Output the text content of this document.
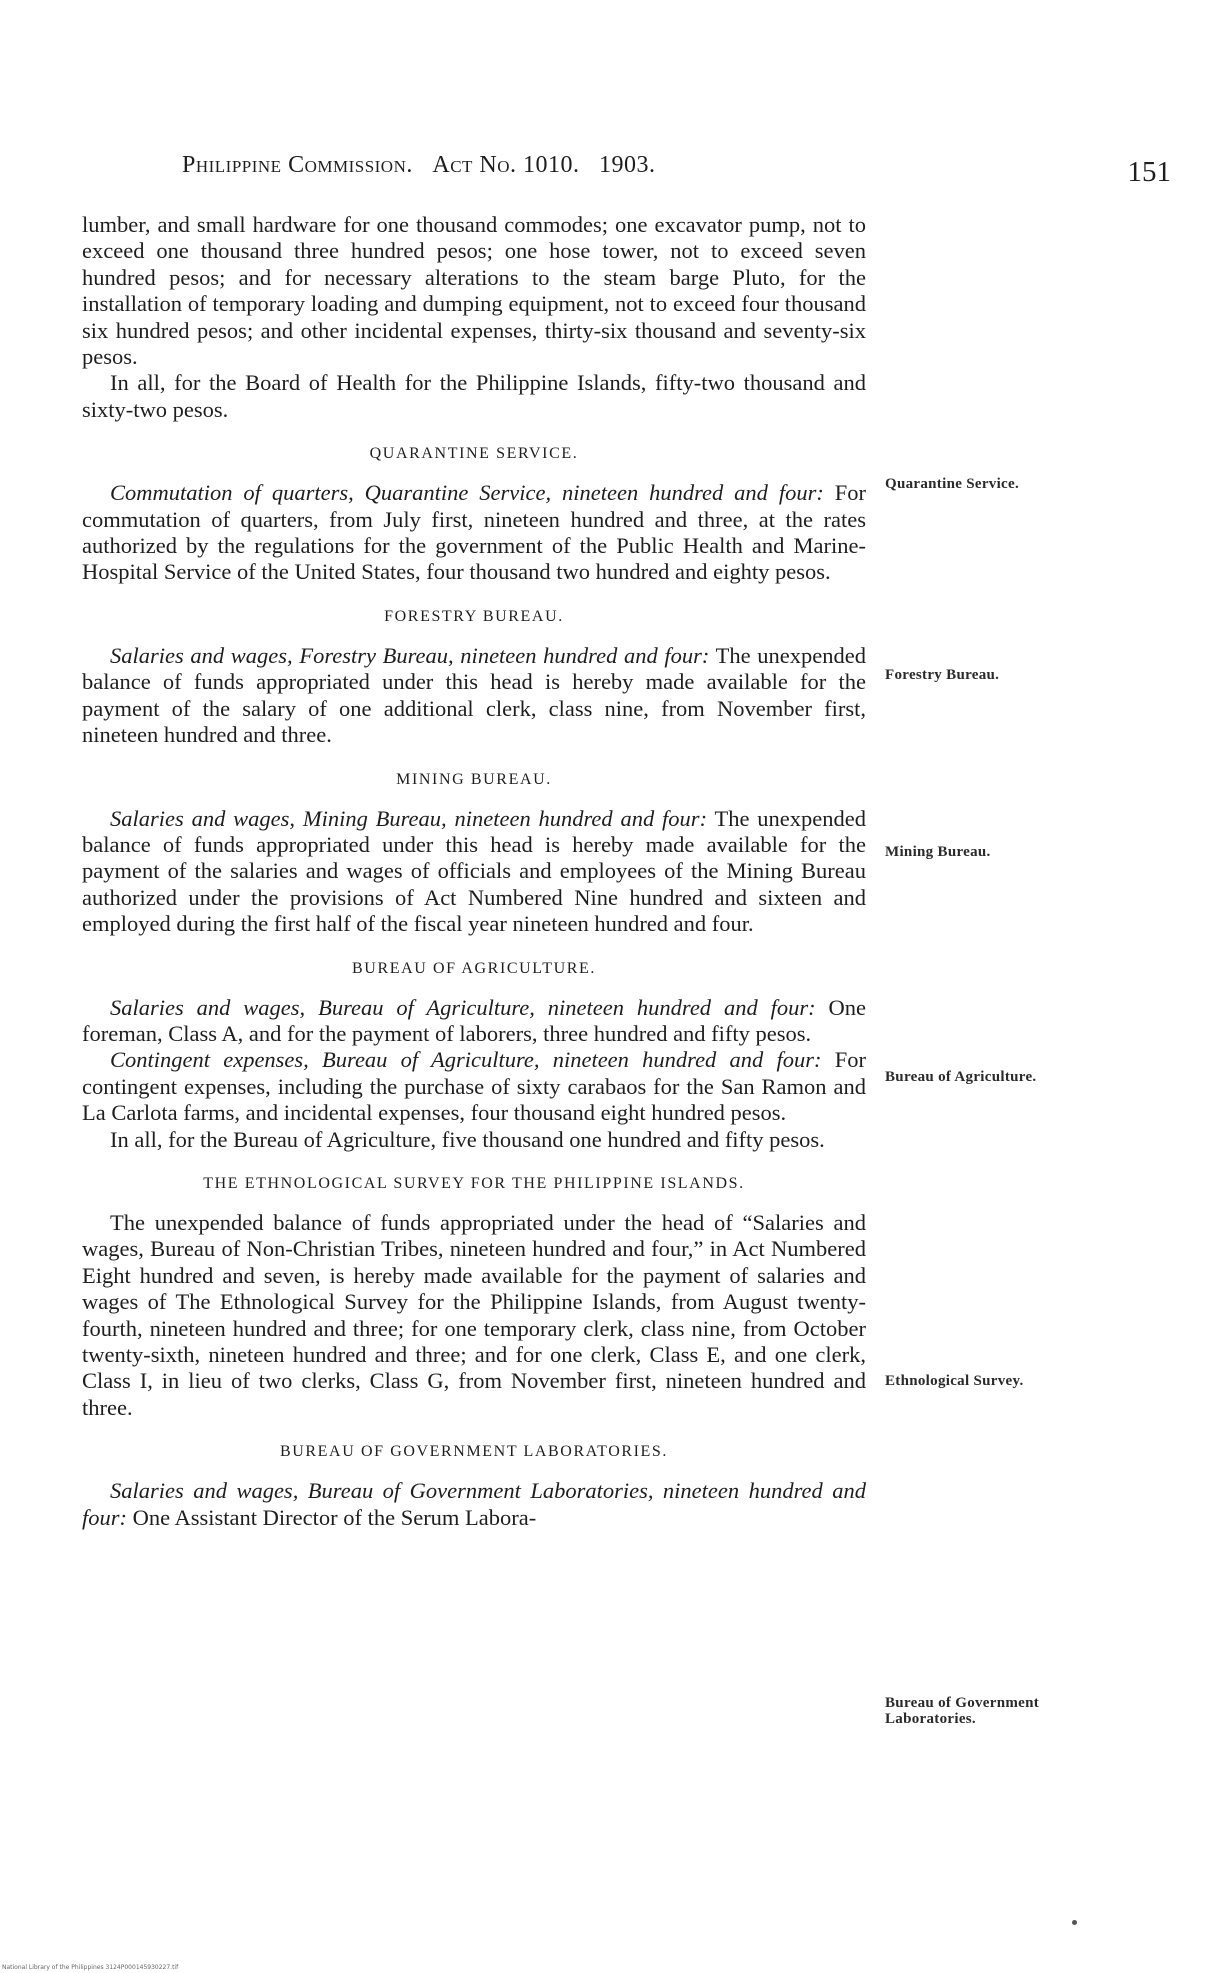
Philippine Commission. Act No. 1010. 1903.	151

lumber, and small hardware for one thousand commodes; one excavator pump, not to exceed one thousand three hundred pesos; one hose tower, not to exceed seven hundred pesos; and for necessary alterations to the steam barge Pluto, for the installation of temporary loading and dumping equipment, not to exceed four thousand six hundred pesos; and other incidental expenses, thirty-six thousand and seventy-six pesos.

In all, for the Board of Health for the Philippine Islands, fifty-two thousand and sixty-two pesos.

QUARANTINE SERVICE.

Commutation of quarters, Quarantine Service, nineteen hundred and four: For commutation of quarters, from July first, nineteen hundred and three, at the rates authorized by the regulations for the government of the Public Health and Marine-Hospital Service of the United States, four thousand two hundred and eighty pesos.

FORESTRY BUREAU.

Salaries and wages, Forestry Bureau, nineteen hundred and four: The unexpended balance of funds appropriated under this head is hereby made available for the payment of the salary of one additional clerk, class nine, from November first, nineteen hundred and three.

MINING BUREAU.

Salaries and wages, Mining Bureau, nineteen hundred and four: The unexpended balance of funds appropriated under this head is hereby made available for the payment of the salaries and wages of officials and employees of the Mining Bureau authorized under the provisions of Act Numbered Nine hundred and sixteen and employed during the first half of the fiscal year nineteen hundred and four.

BUREAU OF AGRICULTURE.

Salaries and wages, Bureau of Agriculture, nineteen hundred and four: One foreman, Class A, and for the payment of laborers, three hundred and fifty pesos.

Contingent expenses, Bureau of Agriculture, nineteen hundred and four: For contingent expenses, including the purchase of sixty carabaos for the San Ramon and La Carlota farms, and incidental expenses, four thousand eight hundred pesos.

In all, for the Bureau of Agriculture, five thousand one hundred and fifty pesos.

THE ETHNOLOGICAL SURVEY FOR THE PHILIPPINE ISLANDS.

The unexpended balance of funds appropriated under the head of “Salaries and wages, Bureau of Non-Christian Tribes, nineteen hundred and four,” in Act Numbered Eight hundred and seven, is hereby made available for the payment of salaries and wages of The Ethnological Survey for the Philippine Islands, from August twenty-fourth, nineteen hundred and three; for one temporary clerk, class nine, from October twenty-sixth, nineteen hundred and three; and for one clerk, Class E, and one clerk, Class I, in lieu of two clerks, Class G, from November first, nineteen hundred and three.

BUREAU OF GOVERNMENT LABORATORIES.

Salaries and wages, Bureau of Government Laboratories, nineteen hundred and four: One Assistant Director of the Serum Labora-

Quarantine Service.
Forestry Bureau.
Mining Bureau.
Bureau of Agriculture.
Ethnological Survey.
Bureau of Government Laboratories.
National Library of the Philippines 3124P000145930227.tif
